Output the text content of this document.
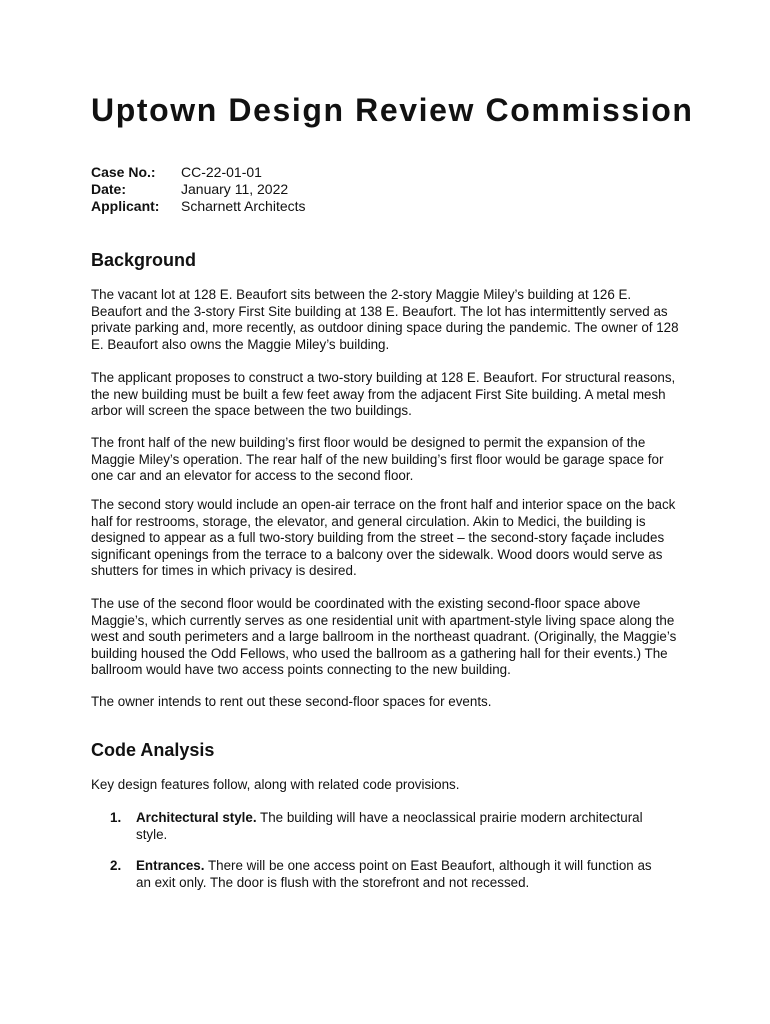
Uptown Design Review Commission
Case No.:	CC-22-01-01
Date:	January 11, 2022
Applicant:	Scharnett Architects
Background

The vacant lot at 128 E. Beaufort sits between the 2-story Maggie Miley’s building at 126 E. Beaufort and the 3-story First Site building at 138 E. Beaufort. The lot has intermittently served as private parking and, more recently, as outdoor dining space during the pandemic. The owner of 128 E. Beaufort also owns the Maggie Miley’s building.

The applicant proposes to construct a two-story building at 128 E. Beaufort. For structural reasons, the new building must be built a few feet away from the adjacent First Site building. A metal mesh arbor will screen the space between the two buildings.

The front half of the new building’s first floor would be designed to permit the expansion of the Maggie Miley’s operation. The rear half of the new building’s first floor would be garage space for one car and an elevator for access to the second floor.

The second story would include an open-air terrace on the front half and interior space on the back half for restrooms, storage, the elevator, and general circulation. Akin to Medici, the building is designed to appear as a full two-story building from the street – the second-story façade includes significant openings from the terrace to a balcony over the sidewalk. Wood doors would serve as shutters for times in which privacy is desired.

The use of the second floor would be coordinated with the existing second-floor space above Maggie’s, which currently serves as one residential unit with apartment-style living space along the west and south perimeters and a large ballroom in the northeast quadrant. (Originally, the Maggie’s building housed the Odd Fellows, who used the ballroom as a gathering hall for their events.) The ballroom would have two access points connecting to the new building.

The owner intends to rent out these second-floor spaces for events.

Code Analysis

Key design features follow, along with related code provisions.

1.	Architectural style. The building will have a neoclassical prairie modern architectural style.
2.	Entrances. There will be one access point on East Beaufort, although it will function as an exit only. The door is flush with the storefront and not recessed.
